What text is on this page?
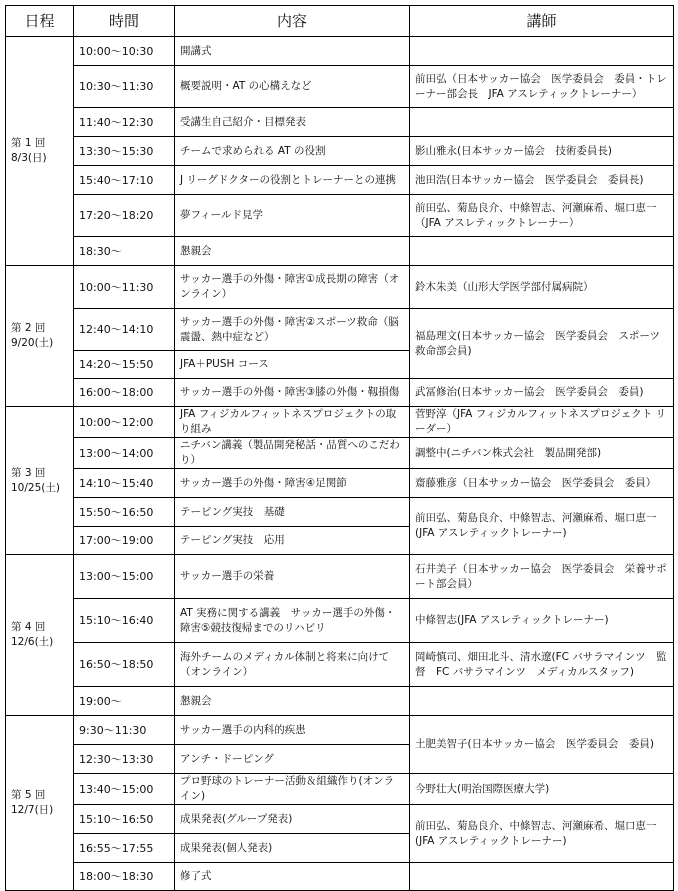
日程	時間	内容	講師

第 1 回
8/3(日)	10:00～10:30	開講式	
	10:30～11:30	概要説明・AT の心構えなど	前田弘（日本サッカー協会　医学委員会　委員・トレーナー部会長　JFA アスレティックトレーナー）
	11:40～12:30	受講生自己紹介・目標発表	
	13:30～15:30	チームで求められる AT の役割	影山雅永(日本サッカー協会　技術委員長)
	15:40～17:10	J リーグドクターの役割とトレーナーとの連携	池田浩(日本サッカー協会　医学委員会　委員長)
	17:20～18:20	夢フィールド見学	前田弘、菊島良介、中條智志、河瀬麻希、堀口恵一　（JFA アスレティックトレーナー）
	18:30～	懇親会	

第 2 回
9/20(土)	10:00～11:30	サッカー選手の外傷・障害①成長期の障害（オンライン）	鈴木朱美（山形大学医学部付属病院）
	12:40～14:10	サッカー選手の外傷・障害②スポーツ救命（脳震盪、熱中症など）	福島理文(日本サッカー協会　医学委員会　スポーツ救命部会員)
	14:20～15:50	JFA＋PUSH コース	
	16:00～18:00	サッカー選手の外傷・障害③膝の外傷・靱損傷	武冨修治(日本サッカー協会　医学委員会　委員)

第 3 回
10/25(土)	10:00～12:00	JFA フィジカルフィットネスプロジェクトの取り組み	菅野淳（JFA フィジカルフィットネスプロジェクト リーダー）
	13:00～14:00	ニチバン講義（製品開発秘話・品質へのこだわり）	調整中(ニチバン株式会社　製品開発部)
	14:10～15:40	サッカー選手の外傷・障害④足関節	齋藤雅彦（日本サッカー協会　医学委員会　委員）
	15:50～16:50	テーピング実技　基礎	前田弘、菊島良介、中條智志、河瀬麻希、堀口恵一　(JFA アスレティックトレーナー)
	17:00～19:00	テーピング実技　応用	

第 4 回
12/6(土)	13:00～15:00	サッカー選手の栄養	石井美子（日本サッカー協会　医学委員会　栄養サポート部会員）
	15:10～16:40	AT 実務に関する講義　サッカー選手の外傷・障害⑤競技復帰までのリハビリ	中條智志(JFA アスレティックトレーナー)
	16:50～18:50	海外チームのメディカル体制と将来に向けて（オンライン）	岡崎慎司、畑田北斗、清水遼(FC バサラマインツ　監督　FC バサラマインツ　メディカルスタッフ)
	19:00～	懇親会	

第 5 回
12/7(日)	9:30～11:30	サッカー選手の内科的疾患	土肥美智子(日本サッカー協会　医学委員会　委員)
	12:30～13:30	アンチ・ドーピング	
	13:40～15:00	プロ野球のトレーナー活動＆組織作り(オンライン)	今野壮大(明治国際医療大学)
	15:10～16:50	成果発表(グループ発表)	前田弘、菊島良介、中條智志、河瀬麻希、堀口恵一　(JFA アスレティックトレーナー)
	16:55～17:55	成果発表(個人発表)	
	18:00～18:30	修了式	
